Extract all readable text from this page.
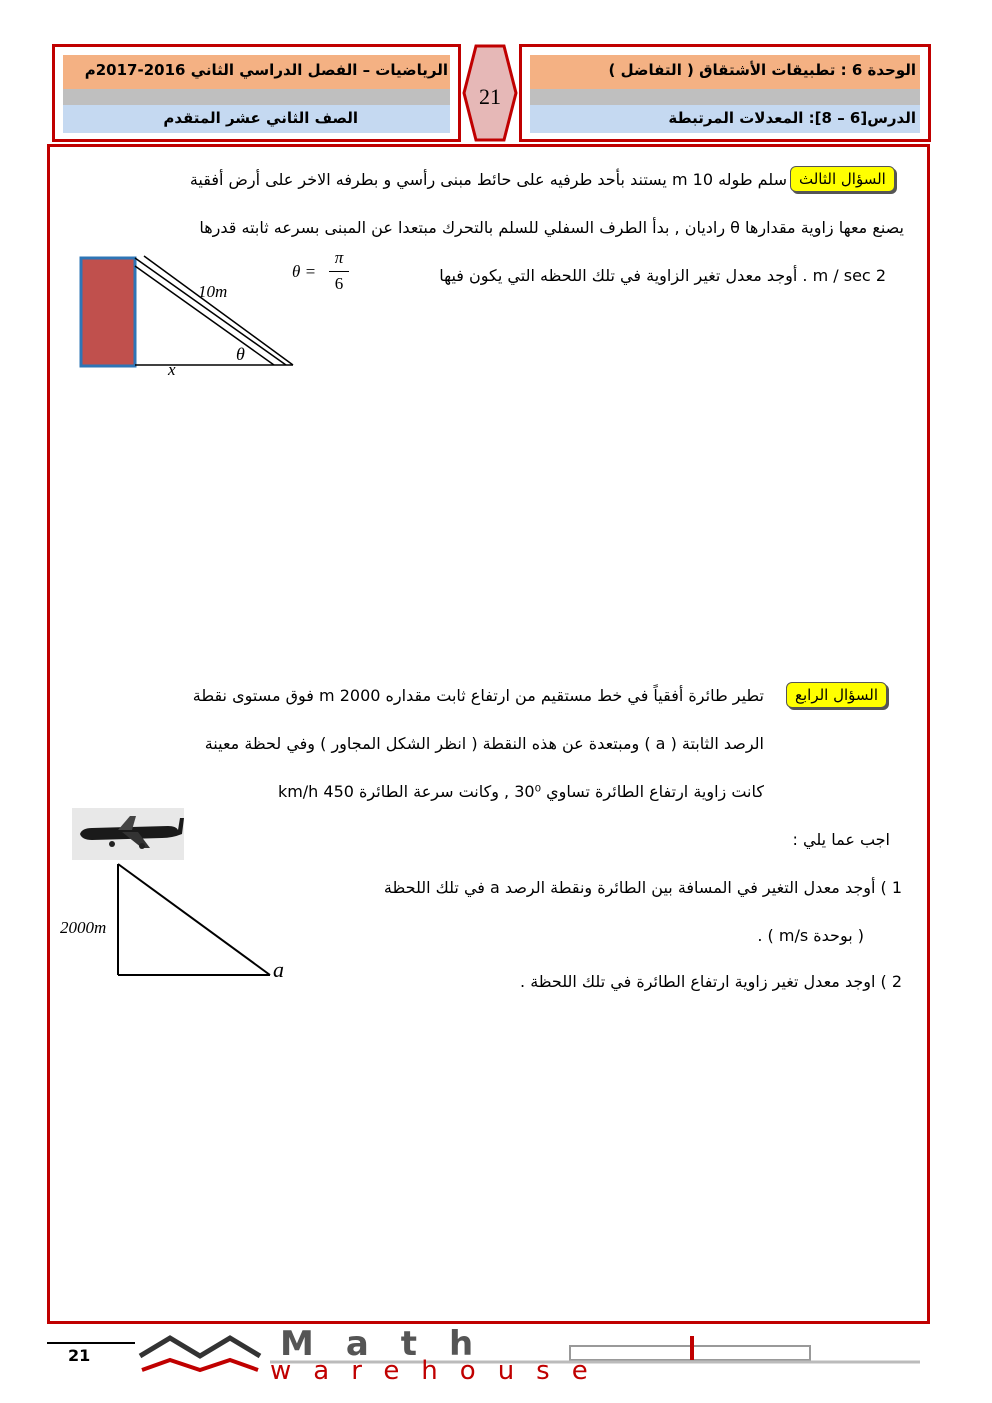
الرياضيات – الفصل الدراسي الثاني 2016-2017م
الصف الثاني عشر المتقدم
21
الوحدة 6 : تطبيقات الأشتقاق ( التفاضل )
الدرس[6 – 8]: المعدلات المرتبطة
السؤال الثالث
سلم طوله 10 m يستند بأحد طرفيه على حائط مبنى رأسي و بطرفه الاخر على أرض أفقية
يصنع معها زاوية مقدارها θ راديان , بدأ الطرف السفلي للسلم بالتحرك مبتعدا عن المبنى بسرعه ثابته قدرها
2 m / sec . أوجد معدل تغير الزاوية في تلك اللحظه التي يكون فيها
θ =
π
6
10m
x
θ
السؤال الرابع
تطير طائرة أفقياً في خط مستقيم من ارتفاع ثابت مقداره 2000 m فوق مستوى نقطة
الرصد الثابتة ( a ) ومبتعدة عن هذه النقطة ( انظر الشكل المجاور ) وفي لحظة معينة
كانت زاوية ارتفاع الطائرة تساوي 30⁰ , وكانت سرعة الطائرة 450 km/h
اجب عما يلي :
1 ) أوجد معدل التغير في المسافة بين الطائرة ونقطة الرصد a في تلك اللحظة
( بوحدة m/s ) .
2 ) اوجد معدل تغير زاوية ارتفاع الطائرة في تلك اللحظة .
2000m
a
21	Math
warehouse
